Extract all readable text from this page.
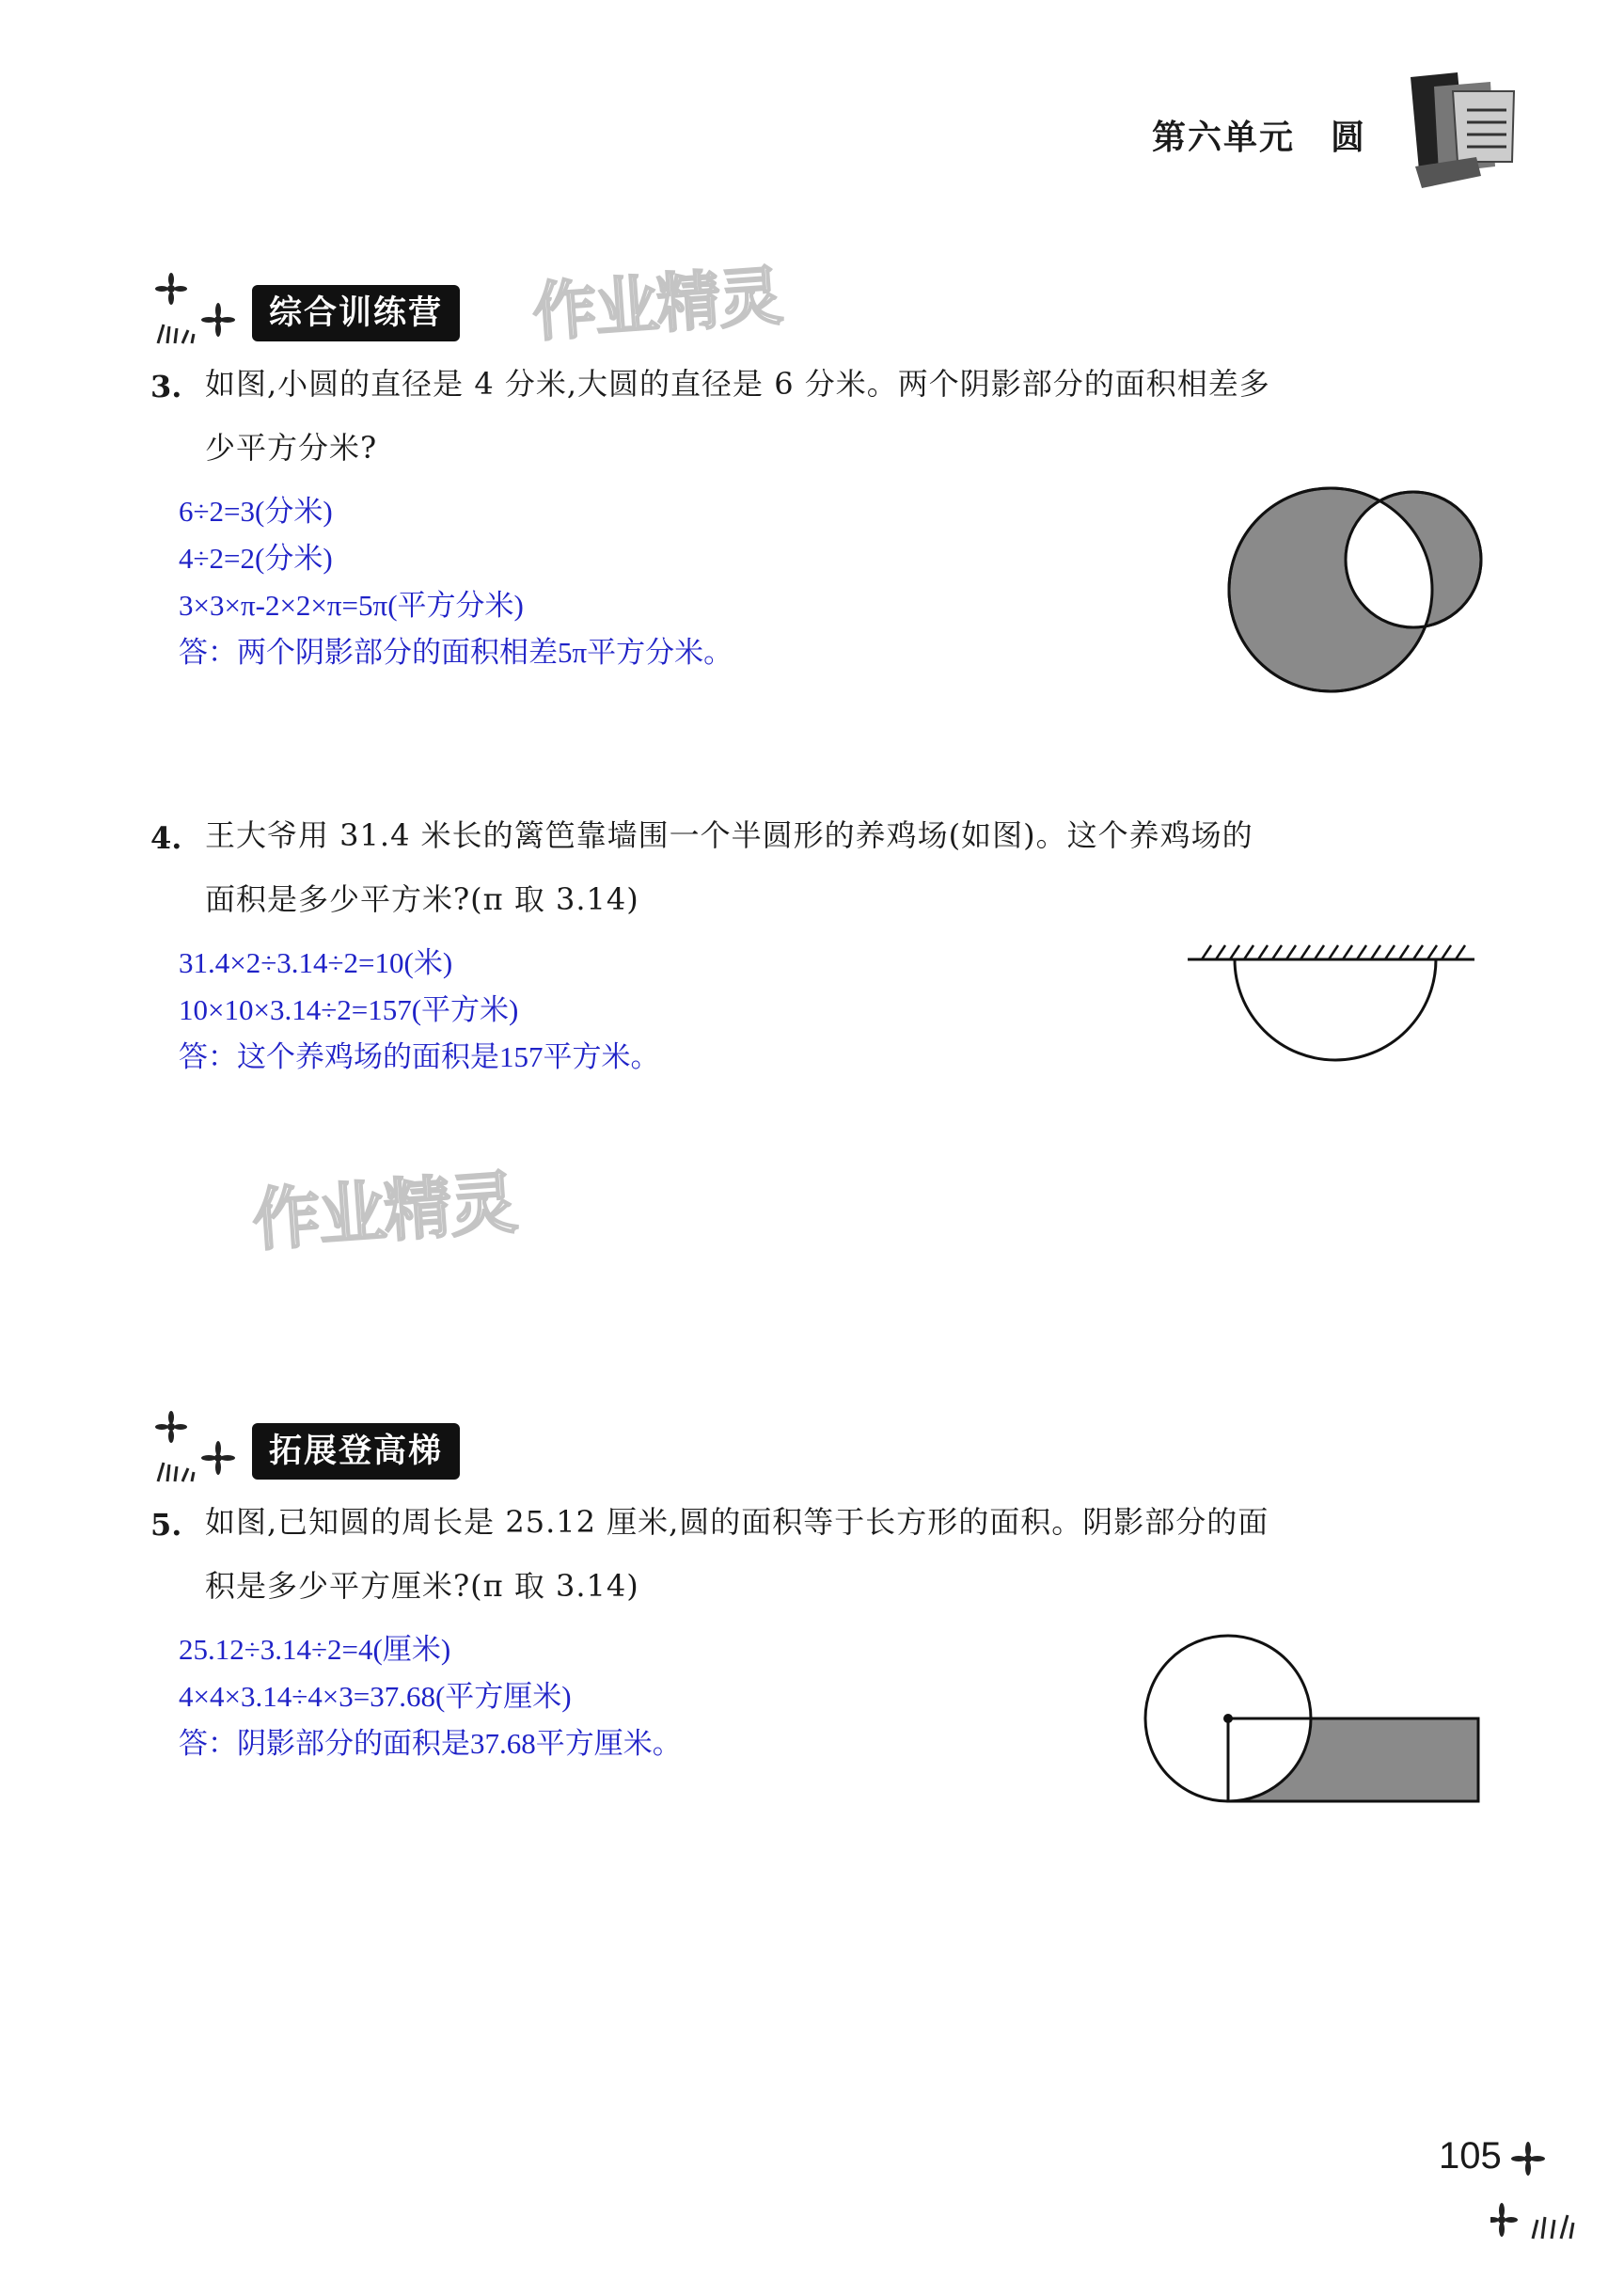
第六单元　圆
综合训练营 作业精灵
3. 如图,小圆的直径是 4 分米,大圆的直径是 6 分米。两个阴影部分的面积相差多
少平方分米?
6÷2=3(分米)
4÷2=2(分米)
3×3×π-2×2×π=5π(平方分米)
答：两个阴影部分的面积相差5π平方分米。
4. 王大爷用 31.4 米长的篱笆靠墙围一个半圆形的养鸡场(如图)。这个养鸡场的
面积是多少平方米?(π 取 3.14)
31.4×2÷3.14÷2=10(米)
10×10×3.14÷2=157(平方米)
答：这个养鸡场的面积是157平方米。
作业精灵
拓展登高梯
5. 如图,已知圆的周长是 25.12 厘米,圆的面积等于长方形的面积。阴影部分的面
积是多少平方厘米?(π 取 3.14)
25.12÷3.14÷2=4(厘米)
4×4×3.14÷4×3=37.68(平方厘米)
答：阴影部分的面积是37.68平方厘米。
105
